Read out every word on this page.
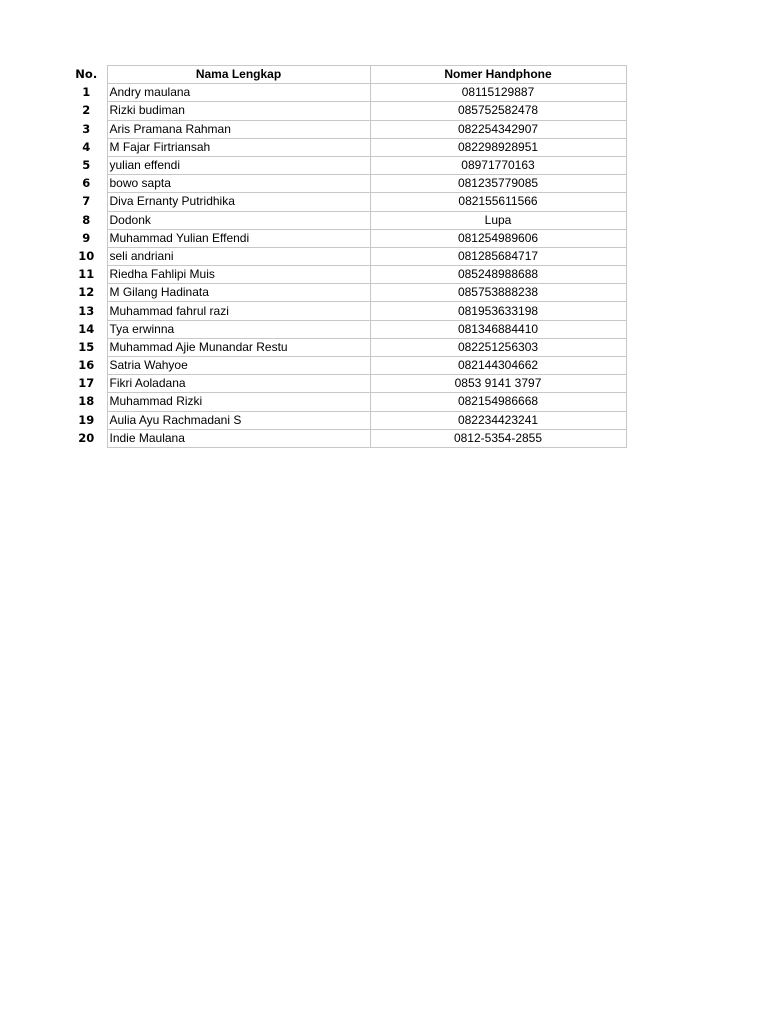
No.	Nama Lengkap	Nomer Handphone
1	Andry maulana	08115129887
2	Rizki budiman	085752582478
3	Aris Pramana Rahman	082254342907
4	M Fajar Firtriansah	082298928951
5	yulian effendi	08971770163
6	bowo sapta	081235779085
7	Diva Ernanty Putridhika	082155611566
8	Dodonk	Lupa
9	Muhammad Yulian Effendi	081254989606
10	seli andriani	081285684717
11	Riedha Fahlipi Muis	085248988688
12	M Gilang Hadinata	085753888238
13	Muhammad fahrul razi	081953633198
14	Tya erwinna	081346884410
15	Muhammad Ajie Munandar Restu	082251256303
16	Satria Wahyoe	082144304662
17	Fikri Aoladana	0853 9141 3797
18	Muhammad Rizki	082154986668
19	Aulia Ayu Rachmadani S	082234423241
20	Indie Maulana	0812-5354-2855
